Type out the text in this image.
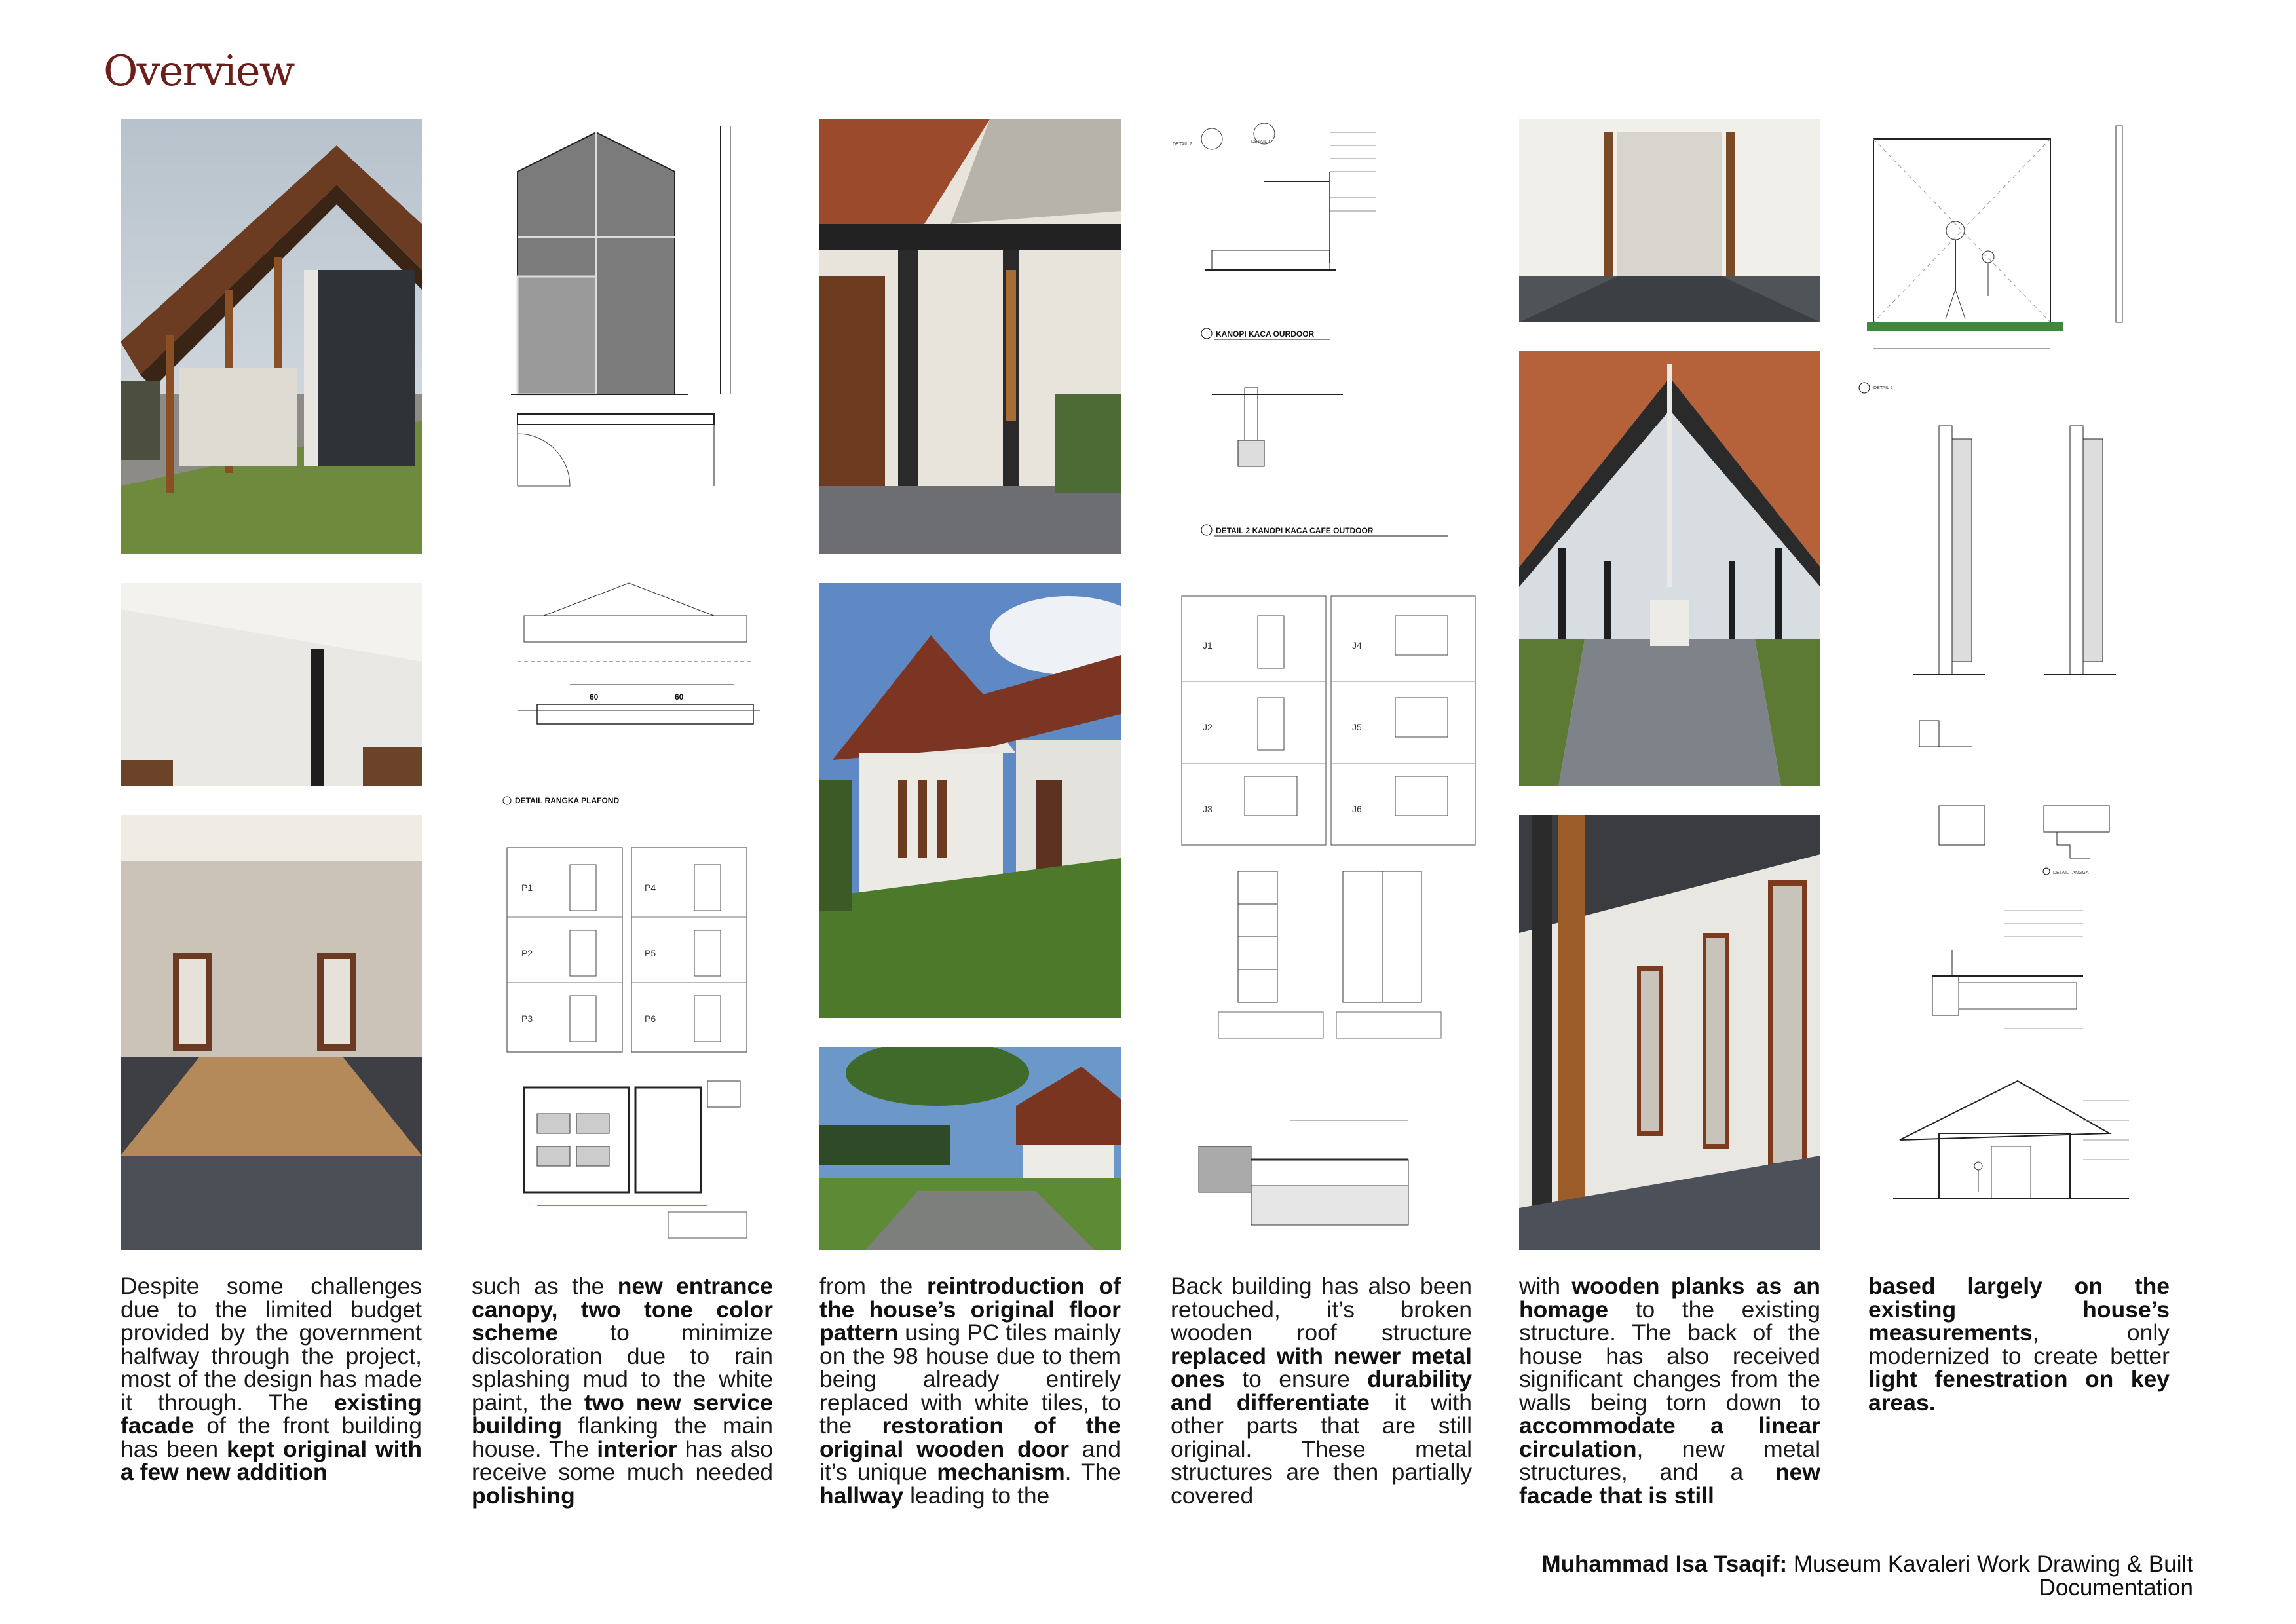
Overview
60	60
DETAIL RANGKA PLAFOND
P1
P2
P3
P4
P5
P6
DETAIL 2
DETAIL 1
KANOPI KACA OURDOOR
DETAIL 2 KANOPI KACA CAFE OUTDOOR
J1
J2
J3
J4
J5
J6
DETAIL 2
DETAIL TANGGA
Despite some challenges due to the limited budget provided by the government halfway through the project, most of the design has made it through. The existing facade of the front building has been kept original with a few new addition
such as the new entrance canopy, two tone color scheme to minimize discoloration due to rain splashing mud to the white paint, the two new service building flanking the main house. The interior has also receive some much needed polishing
from the reintroduction of the house’s original floor pattern using PC tiles mainly on the 98 house due to them being already entirely replaced with white tiles, to the restoration of the original wooden door and it’s unique mechanism. The hallway leading to the
Back building has also been retouched, it’s broken wooden roof structure replaced with newer metal ones to ensure durability and differentiate it with other parts that are still original. These metal structures are then partially covered
with wooden planks as an homage to the existing structure. The back of the house has also received significant changes from the walls being torn down to accommodate a linear circulation, new metal structures, and a new facade that is still
based largely on the existing house’s measurements, only modernized to create better light fenestration on key areas.
Muhammad Isa Tsaqif: Museum Kavaleri Work Drawing & Built Documentation
